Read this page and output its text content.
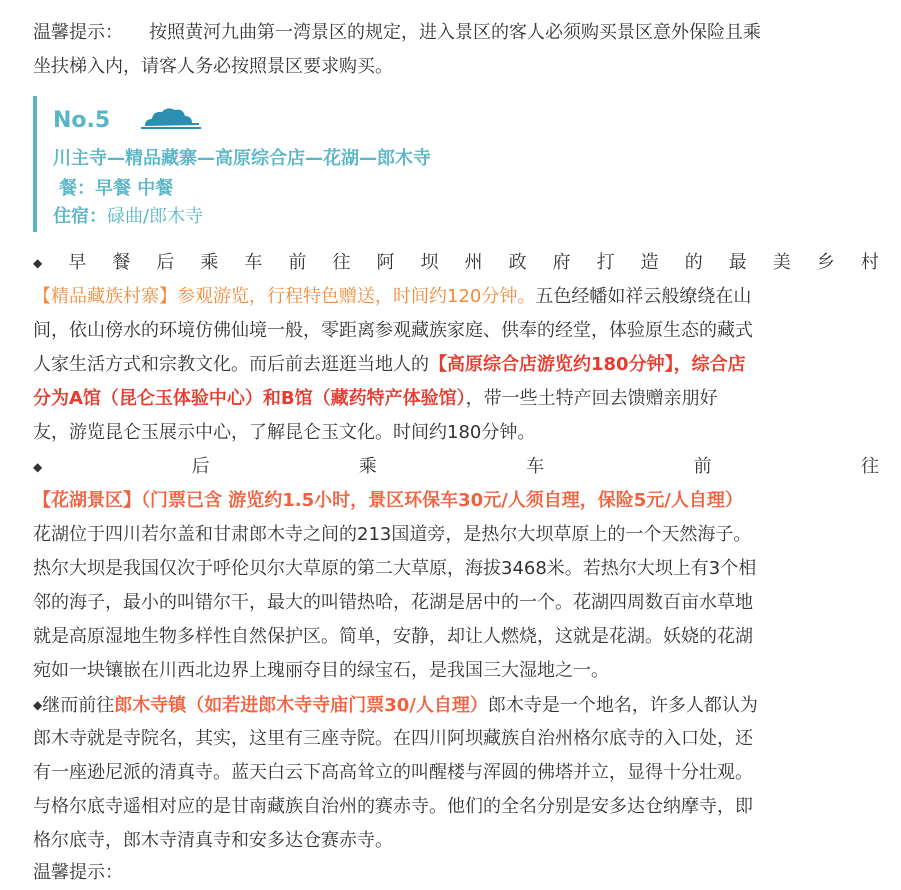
温馨提示： 按照黄河九曲第一湾景区的规定，进入景区的客人必须购买景区意外保险且乘
坐扶梯入内，请客人务必按照景区要求购买。
No.5
川主寺—精品藏寨—高原综合店—花湖—郎木寺
餐：早餐 中餐
住宿：碌曲/郎木寺
◆ 早 餐 后 乘 车 前 往 阿 坝 州 政 府 打 造 的 最 美 乡 村
【精品藏族村寨】参观游览，行程特色赠送，时间约120分钟。五色经幡如祥云般缭绕在山
间，依山傍水的环境仿佛仙境一般，零距离参观藏族家庭、供奉的经堂，体验原生态的藏式
人家生活方式和宗教文化。而后前去逛逛当地人的【高原综合店游览约180分钟】，综合店
分为A馆（昆仑玉体验中心）和B馆（藏药特产体验馆），带一些土特产回去馈赠亲朋好
友，游览昆仑玉展示中心，了解昆仑玉文化。时间约180分钟。
◆	后	乘	车	前	往
【花湖景区】（门票已含 游览约1.5小时，景区环保车30元/人须自理，保险5元/人自理）
花湖位于四川若尔盖和甘肃郎木寺之间的213国道旁，是热尔大坝草原上的一个天然海子。
热尔大坝是我国仅次于呼伦贝尔大草原的第二大草原，海拔3468米。若热尔大坝上有3个相
邻的海子，最小的叫错尔干，最大的叫错热哈，花湖是居中的一个。花湖四周数百亩水草地
就是高原湿地生物多样性自然保护区。简单，安静，却让人燃烧，这就是花湖。妖娆的花湖
宛如一块镶嵌在川西北边界上瑰丽夺目的绿宝石，是我国三大湿地之一。
◆继而前往郎木寺镇（如若进郎木寺寺庙门票30/人自理）郎木寺是一个地名，许多人都认为
郎木寺就是寺院名，其实，这里有三座寺院。在四川阿坝藏族自治州格尔底寺的入口处，还
有一座逊尼派的清真寺。蓝天白云下高高耸立的叫醒楼与浑圆的佛塔并立，显得十分壮观。
与格尔底寺遥相对应的是甘南藏族自治州的赛赤寺。他们的全名分别是安多达仓纳摩寺，即
格尔底寺，郎木寺清真寺和安多达仓赛赤寺。
温馨提示：
